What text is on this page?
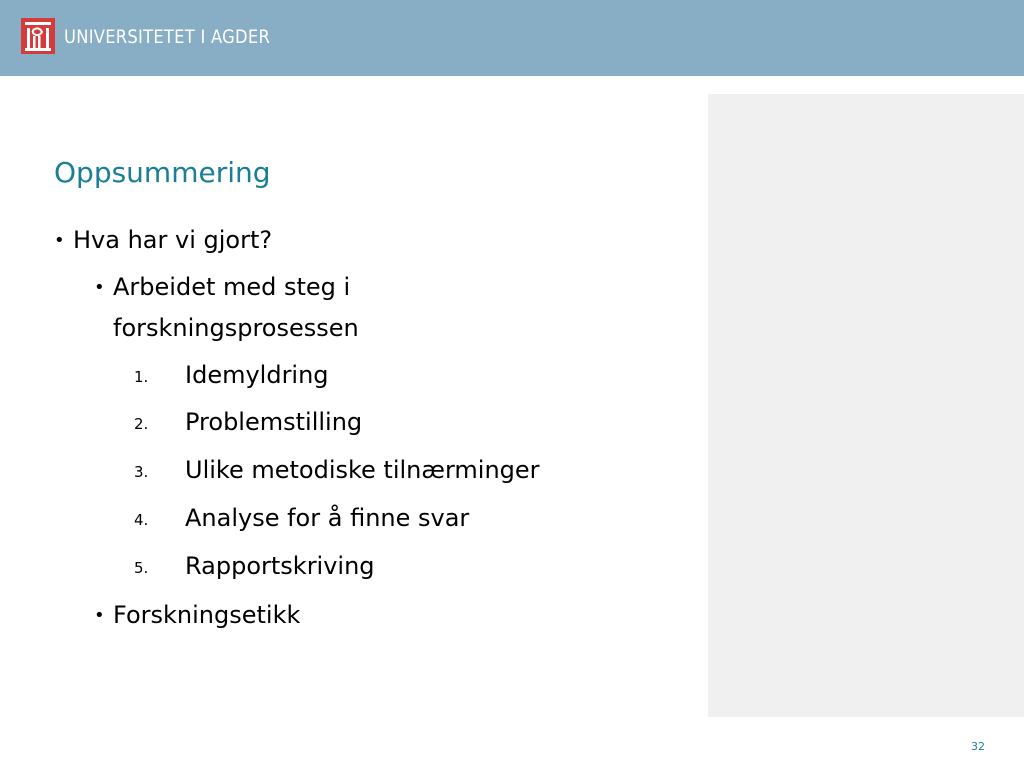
UNIVERSITETET I AGDER
Oppsummering
• Hva har vi gjort?
• Arbeidet med steg i
forskningsprosessen
1. Idemyldring
2. Problemstilling
3. Ulike metodiske tilnærminger
4. Analyse for å finne svar
5. Rapportskriving
• Forskningsetikk
32
